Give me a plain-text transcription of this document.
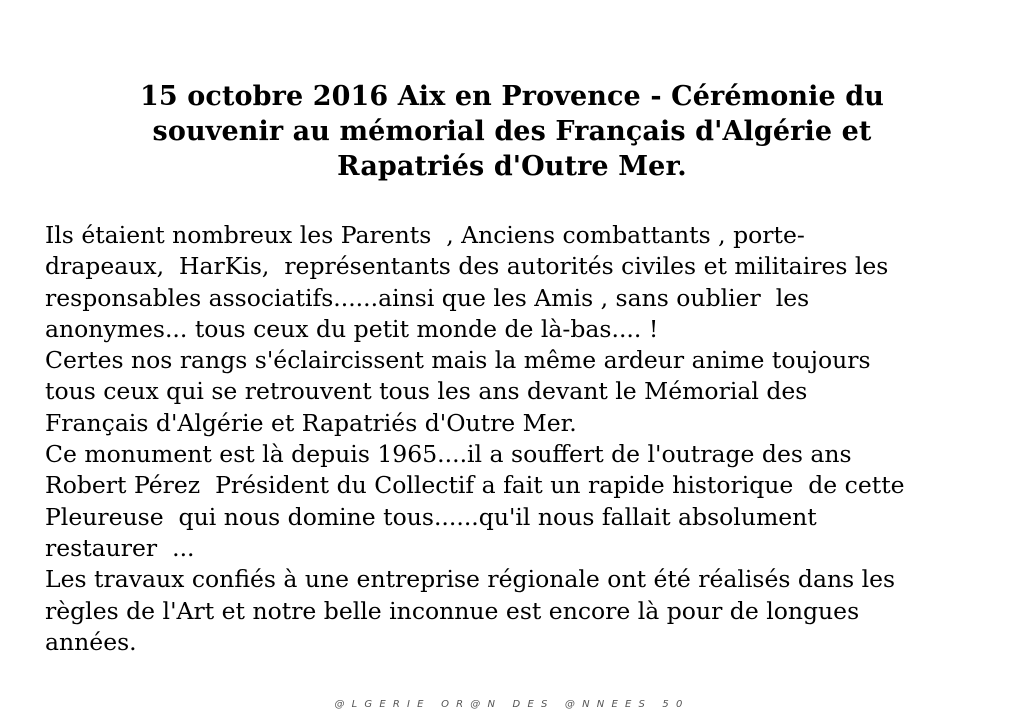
15 octobre 2016 Aix en Provence - Cérémonie du
souvenir au mémorial des Français d'Algérie et
Rapatriés d'Outre Mer.
Ils étaient nombreux les Parents  , Anciens combattants , porte-
drapeaux,  HarKis,  représentants des autorités civiles et militaires les
responsables associatifs......ainsi que les Amis , sans oublier  les
anonymes... tous ceux du petit monde de là-bas.... !
Certes nos rangs s'éclaircissent mais la même ardeur anime toujours
tous ceux qui se retrouvent tous les ans devant le Mémorial des
Français d'Algérie et Rapatriés d'Outre Mer.
Ce monument est là depuis 1965....il a souffert de l'outrage des ans
Robert Pérez  Président du Collectif a fait un rapide historique  de cette
Pleureuse  qui nous domine tous......qu'il nous fallait absolument
restaurer  ...
Les travaux confiés à une entreprise régionale ont été réalisés dans les
règles de l'Art et notre belle inconnue est encore là pour de longues
années.
@LGERIE OR@N DES @NNEES 50
